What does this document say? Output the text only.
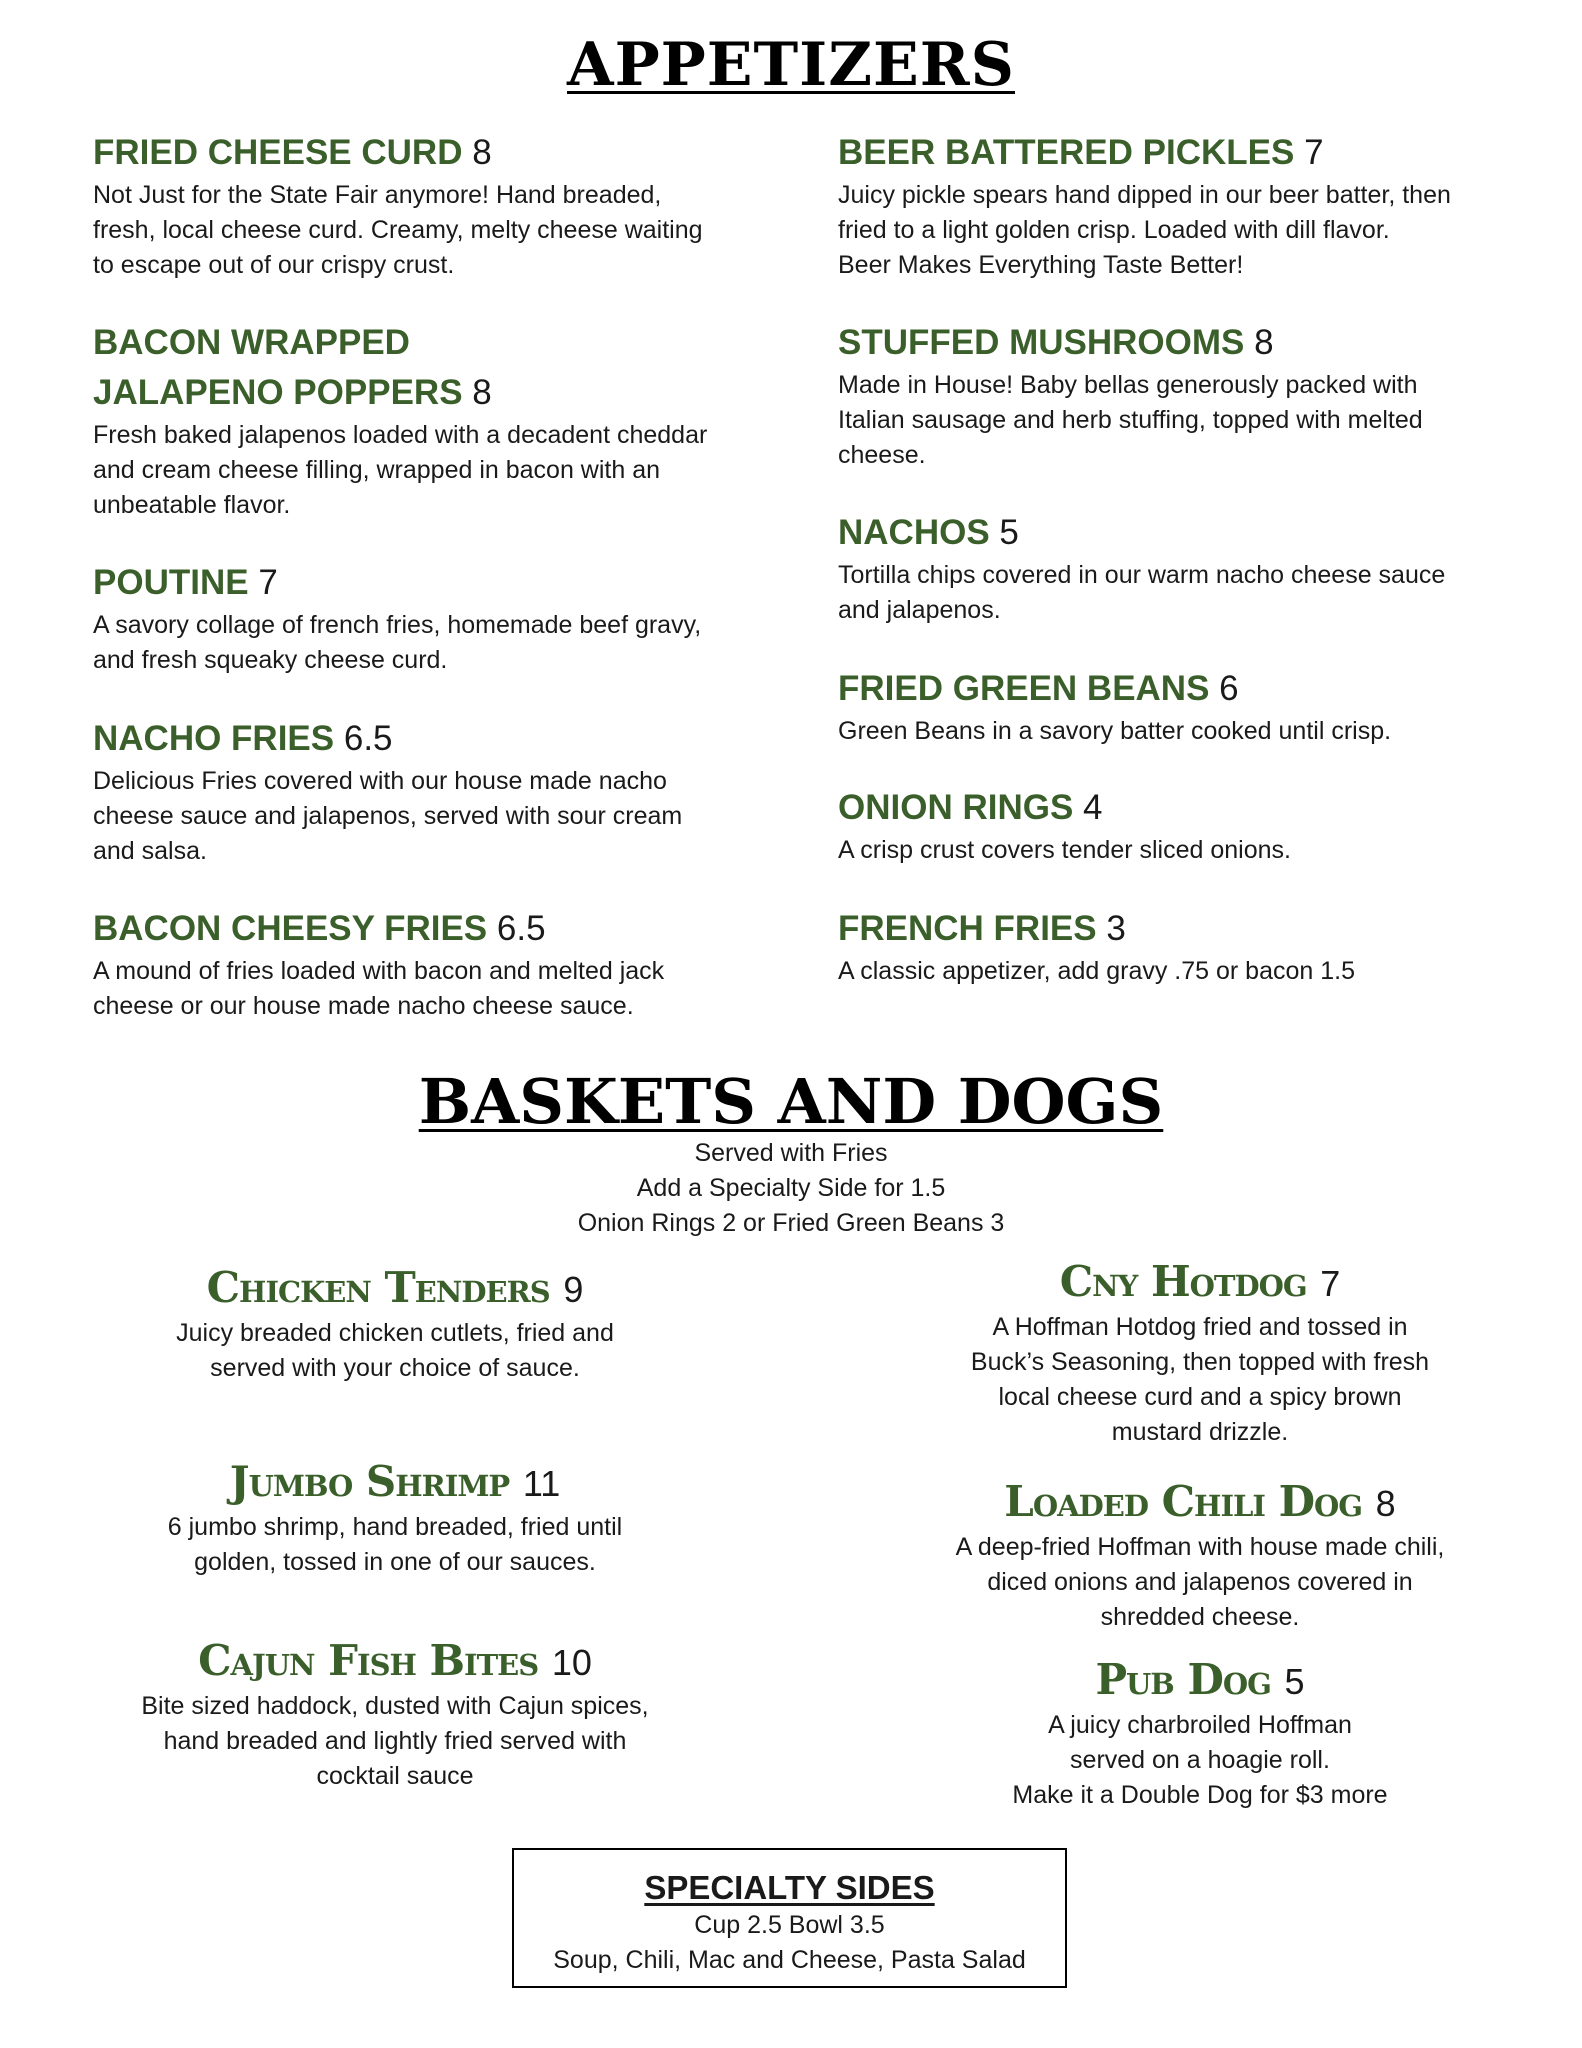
APPETIZERS

FRIED CHEESE CURD 8

Not Just for the State Fair anymore! Hand breaded,

fresh, local cheese curd. Creamy, melty cheese waiting

to escape out of our crispy crust.

BACON WRAPPED

JALAPENO POPPERS 8

Fresh baked jalapenos loaded with a decadent cheddar

and cream cheese filling, wrapped in bacon with an

unbeatable flavor.

POUTINE 7

A savory collage of french fries, homemade beef gravy,

and fresh squeaky cheese curd.

NACHO FRIES 6.5

Delicious Fries covered with our house made nacho

cheese sauce and jalapenos, served with sour cream

and salsa.

BACON CHEESY FRIES 6.5

A mound of fries loaded with bacon and melted jack

cheese or our house made nacho cheese sauce.

BEER BATTERED PICKLES 7

Juicy pickle spears hand dipped in our beer batter, then

fried to a light golden crisp. Loaded with dill flavor.

Beer Makes Everything Taste Better!

STUFFED MUSHROOMS 8

Made in House! Baby bellas generously packed with

Italian sausage and herb stuffing, topped with melted

cheese.

NACHOS 5

Tortilla chips covered in our warm nacho cheese sauce

and jalapenos.

FRIED GREEN BEANS 6

Green Beans in a savory batter cooked until crisp.

ONION RINGS 4

A crisp crust covers tender sliced onions.

FRENCH FRIES 3

A classic appetizer, add gravy .75 or bacon 1.5

BASKETS AND DOGS
Served with Fries
Add a Specialty Side for 1.5
Onion Rings 2 or Fried Green Beans 3

Chicken Tenders 9

Juicy breaded chicken cutlets, fried and

served with your choice of sauce.

Jumbo Shrimp 11

6 jumbo shrimp, hand breaded, fried until

golden, tossed in one of our sauces.

Cajun Fish Bites 10

Bite sized haddock, dusted with Cajun spices,

hand breaded and lightly fried served with

cocktail sauce

Cny Hotdog 7

A Hoffman Hotdog fried and tossed in

Buck’s Seasoning, then topped with fresh

local cheese curd and a spicy brown

mustard drizzle.

Loaded Chili Dog 8

A deep-fried Hoffman with house made chili,

diced onions and jalapenos covered in

shredded cheese.

Pub Dog 5

A juicy charbroiled Hoffman

served on a hoagie roll.

Make it a Double Dog for $3 more

SPECIALTY SIDES
Cup 2.5 Bowl 3.5
Soup, Chili, Mac and Cheese, Pasta Salad
